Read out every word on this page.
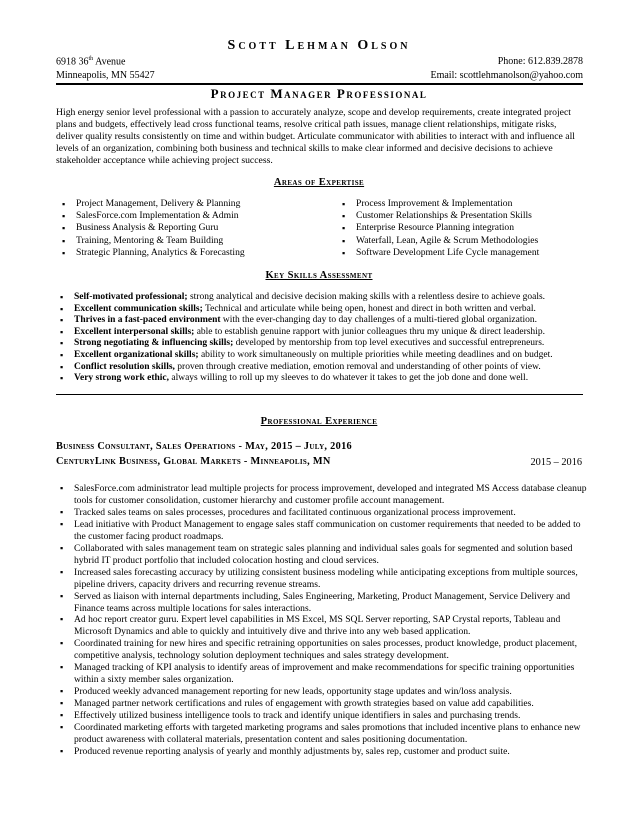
Scott Lehman Olson
6918 36th Avenue	Phone: 612.839.2878
Minneapolis, MN 55427	Email: scottlehmanolson@yahoo.com
Project Manager Professional
High energy senior level professional with a passion to accurately analyze, scope and develop requirements, create integrated project plans and budgets, effectively lead cross functional teams, resolve critical path issues, manage client relationships, mitigate risks, deliver quality results consistently on time and within budget. Articulate communicator with abilities to interact with and influence all levels of an organization, combining both business and technical skills to make clear informed and decisive decisions to achieve stakeholder acceptance while achieving project success.
Areas of Expertise
▪ Project Management, Delivery & Planning
▪ SalesForce.com Implementation & Admin
▪ Business Analysis & Reporting Guru
▪ Training, Mentoring & Team Building
▪ Strategic Planning, Analytics & Forecasting
▪ Process Improvement & Implementation
▪ Customer Relationships & Presentation Skills
▪ Enterprise Resource Planning integration
▪ Waterfall, Lean, Agile & Scrum Methodologies
▪ Software Development Life Cycle management
Key Skills Assessment
▪ Self-motivated professional; strong analytical and decisive decision making skills with a relentless desire to achieve goals.
▪ Excellent communication skills; Technical and articulate while being open, honest and direct in both written and verbal.
▪ Thrives in a fast-paced environment with the ever-changing day to day challenges of a multi-tiered global organization.
▪ Excellent interpersonal skills; able to establish genuine rapport with junior colleagues thru my unique & direct leadership.
▪ Strong negotiating & influencing skills; developed by mentorship from top level executives and successful entrepreneurs.
▪ Excellent organizational skills; ability to work simultaneously on multiple priorities while meeting deadlines and on budget.
▪ Conflict resolution skills, proven through creative mediation, emotion removal and understanding of other points of view.
▪ Very strong work ethic, always willing to roll up my sleeves to do whatever it takes to get the job done and done well.
Professional Experience
Business Consultant, Sales Operations - May, 2015 – July, 2016
CenturyLink Business, Global Markets - Minneapolis, MN	2015 – 2016
▪ SalesForce.com administrator lead multiple projects for process improvement, developed and integrated MS Access database cleanup tools for customer consolidation, customer hierarchy and customer profile account management.
▪ Tracked sales teams on sales processes, procedures and facilitated continuous organizational process improvement.
▪ Lead initiative with Product Management to engage sales staff communication on customer requirements that needed to be added to the customer facing product roadmaps.
▪ Collaborated with sales management team on strategic sales planning and individual sales goals for segmented and solution based hybrid IT product portfolio that included colocation hosting and cloud services.
▪ Increased sales forecasting accuracy by utilizing consistent business modeling while anticipating exceptions from multiple sources, pipeline drivers, capacity drivers and recurring revenue streams.
▪ Served as liaison with internal departments including, Sales Engineering, Marketing, Product Management, Service Delivery and Finance teams across multiple locations for sales interactions.
▪ Ad hoc report creator guru. Expert level capabilities in MS Excel, MS SQL Server reporting, SAP Crystal reports, Tableau and Microsoft Dynamics and able to quickly and intuitively dive and thrive into any web based application.
▪ Coordinated training for new hires and specific retraining opportunities on sales processes, product knowledge, product placement, competitive analysis, technology solution deployment techniques and sales strategy development.
▪ Managed tracking of KPI analysis to identify areas of improvement and make recommendations for specific training opportunities within a sixty member sales organization.
▪ Produced weekly advanced management reporting for new leads, opportunity stage updates and win/loss analysis.
▪ Managed partner network certifications and rules of engagement with growth strategies based on value add capabilities.
▪ Effectively utilized business intelligence tools to track and identify unique identifiers in sales and purchasing trends.
▪ Coordinated marketing efforts with targeted marketing programs and sales promotions that included incentive plans to enhance new product awareness with collateral materials, presentation content and sales positioning documentation.
▪ Produced revenue reporting analysis of yearly and monthly adjustments by, sales rep, customer and product suite.
